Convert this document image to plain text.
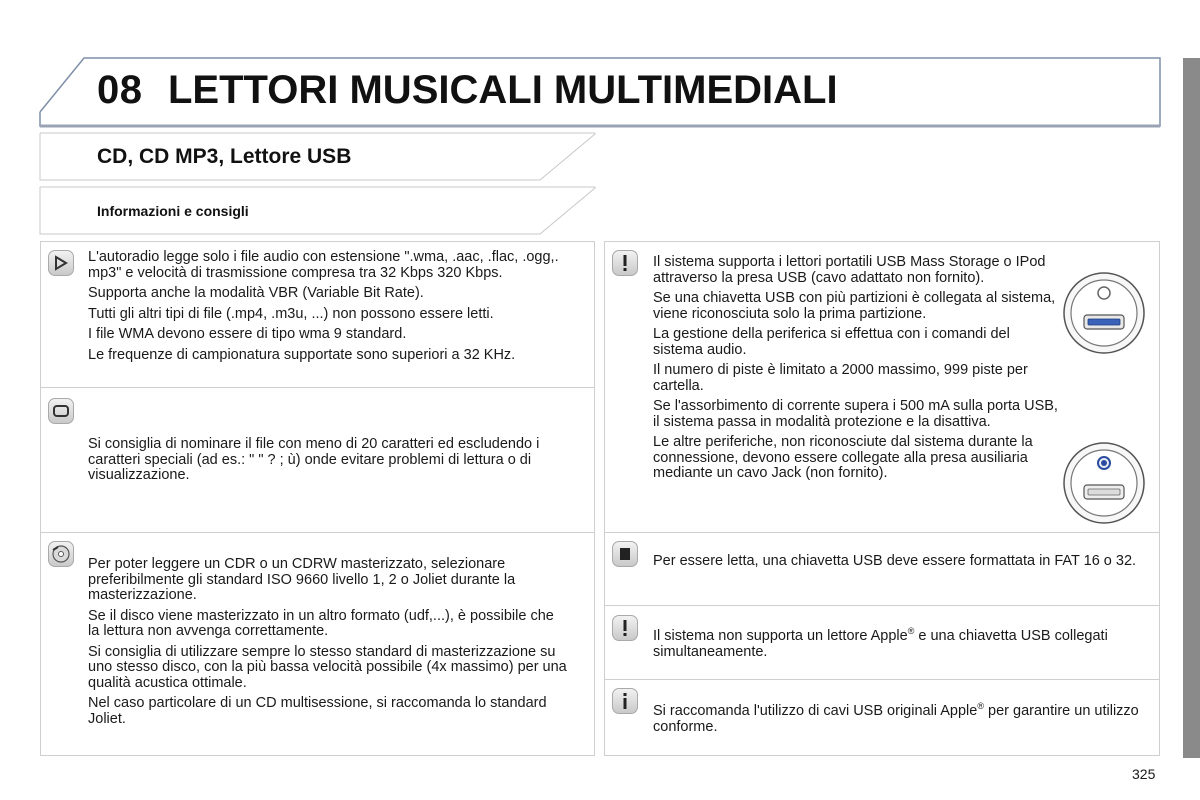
08 LETTORI MUSICALI MULTIMEDIALI
CD, CD MP3, Lettore USB
Informazioni e consigli

L'autoradio legge solo i file audio con estensione ".wma, .aac, .flac, .ogg,. mp3" e velocità di trasmissione compresa tra 32 Kbps 320 Kbps.

Supporta anche la modalità VBR (Variable Bit Rate).

Tutti gli altri tipi di file (.mp4, .m3u, ...) non possono essere letti.

I file WMA devono essere di tipo wma 9 standard.

Le frequenze di campionatura supportate sono superiori a 32 KHz.

Si consiglia di nominare il file con meno di 20 caratteri ed escludendo i caratteri speciali (ad es.: " " ? ; ù) onde evitare problemi di lettura o di visualizzazione.

Per poter leggere un CDR o un CDRW masterizzato, selezionare preferibilmente gli standard ISO 9660 livello 1, 2 o Joliet durante la masterizzazione.

Se il disco viene masterizzato in un altro formato (udf,...), è possibile che la lettura non avvenga correttamente.

Si consiglia di utilizzare sempre lo stesso standard di masterizzazione su uno stesso disco, con la più bassa velocità possibile (4x massimo) per una qualità acustica ottimale.

Nel caso particolare di un CD multisessione, si raccomanda lo standard Joliet.

Il sistema supporta i lettori portatili USB Mass Storage o IPod attraverso la presa USB (cavo adattato non fornito).

Se una chiavetta USB con più partizioni è collegata al sistema, viene riconosciuta solo la prima partizione.

La gestione della periferica si effettua con i comandi del sistema audio.

Il numero di piste è limitato a 2000 massimo, 999 piste per cartella.

Se l'assorbimento di corrente supera i 500 mA sulla porta USB, il sistema passa in modalità protezione e la disattiva.

Le altre periferiche, non riconosciute dal sistema durante la connessione, devono essere collegate alla presa ausiliaria mediante un cavo Jack (non fornito).

Per essere letta, una chiavetta USB deve essere formattata in FAT 16 o 32.

Il sistema non supporta un lettore Apple® e una chiavetta USB collegati simultaneamente.

Si raccomanda l'utilizzo di cavi USB originali Apple® per garantire un utilizzo conforme.

325
